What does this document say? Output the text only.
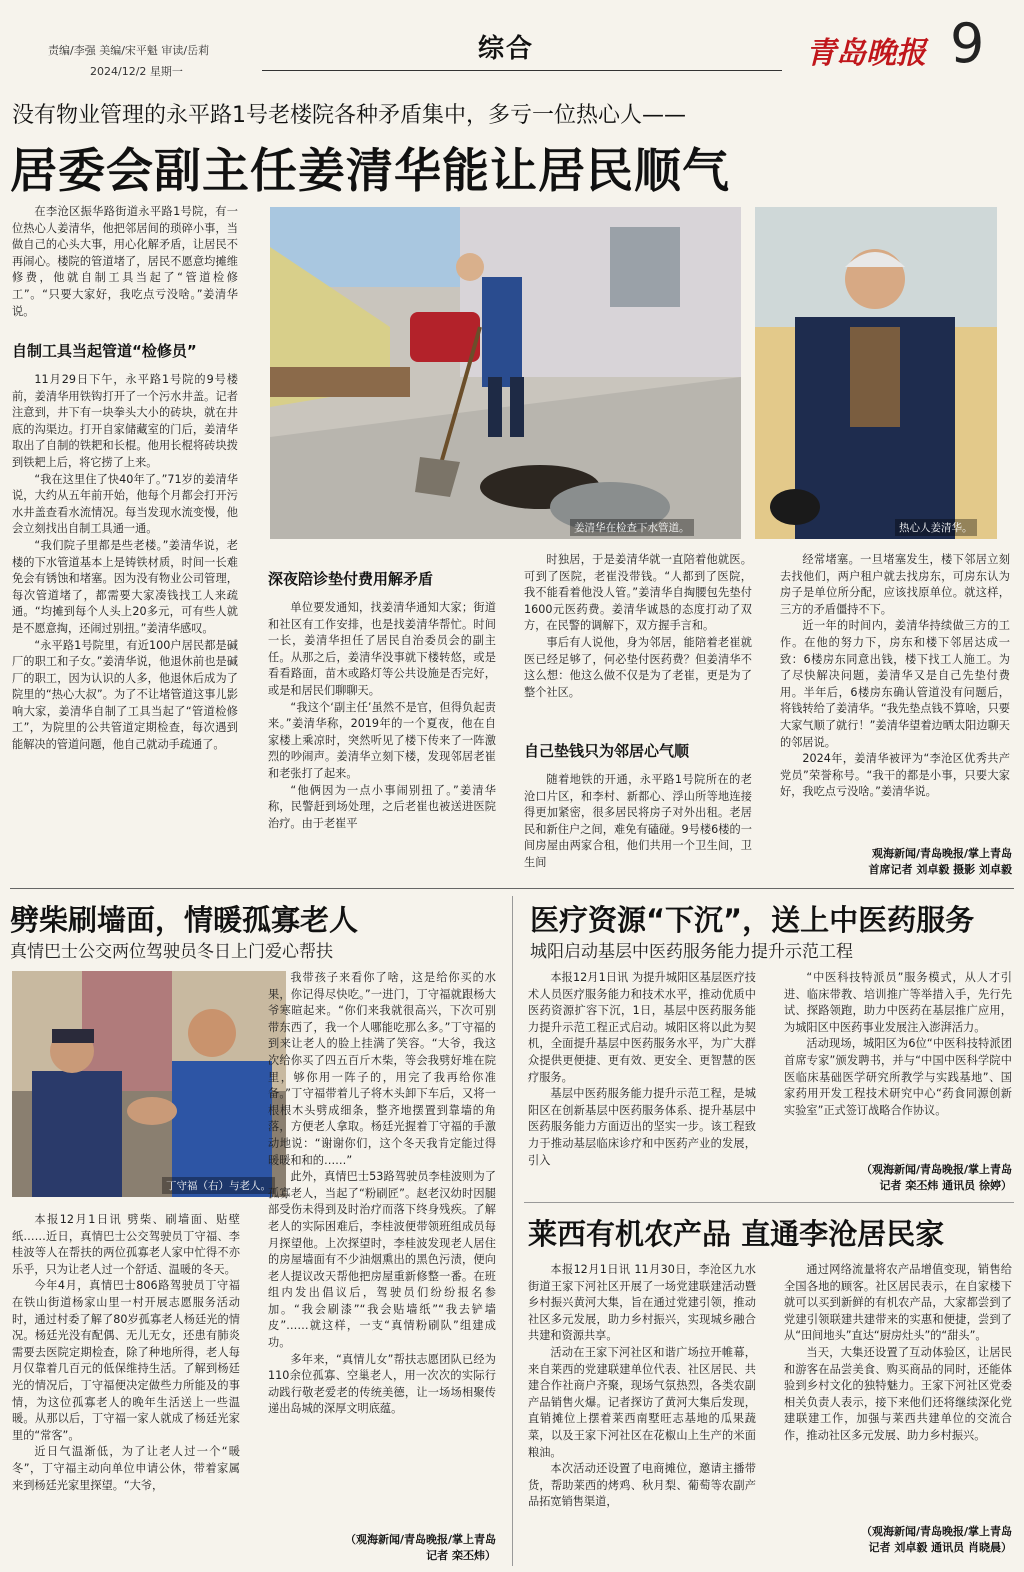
责编/李强 美编/宋平魁 审读/岳莉
2024/12/2 星期一
综合	青岛晚报 9
没有物业管理的永平路1号老楼院各种矛盾集中，多亏一位热心人——
居委会副主任姜清华能让居民顺气

在李沧区振华路街道永平路1号院，有一位热心人姜清华，他把邻居间的琐碎小事，当做自己的心头大事，用心化解矛盾，让居民不再闹心。楼院的管道堵了，居民不愿意均摊维修费，他就自制工具当起了“管道检修工”。“只要大家好，我吃点亏没啥。”姜清华说。

自制工具当起管道“检修员”

11月29日下午，永平路1号院的9号楼前，姜清华用铁钩打开了一个污水井盖。记者注意到，井下有一块拳头大小的砖块，就在井底的沟渠边。打开自家储藏室的门后，姜清华取出了自制的铁耙和长棍。他用长棍将砖块拨到铁耙上后，将它捞了上来。

“我在这里住了快40年了。”71岁的姜清华说，大约从五年前开始，他每个月都会打开污水井盖查看水流情况。每当发现水流变慢，他会立刻找出自制工具通一通。

“我们院子里都是些老楼。”姜清华说，老楼的下水管道基本上是铸铁材质，时间一长难免会有锈蚀和堵塞。因为没有物业公司管理，每次管道堵了，都需要大家凑钱找工人来疏通。“均摊到每个人头上20多元，可有些人就是不愿意掏，还闹过别扭。”姜清华感叹。

“永平路1号院里，有近100户居民都是碱厂的职工和子女。”姜清华说，他退休前也是碱厂的职工，因为认识的人多，他退休后成为了院里的“热心大叔”。为了不让堵管道这事儿影响大家，姜清华自制了工具当起了“管道检修工”，为院里的公共管道定期检查，每次遇到能解决的管道问题，他自己就动手疏通了。

姜清华在检查下水管道。	热心人姜清华。
深夜陪诊垫付费用解矛盾

单位要发通知，找姜清华通知大家；街道和社区有工作安排，也是找姜清华帮忙。时间一长，姜清华担任了居民自治委员会的副主任。从那之后，姜清华没事就下楼转悠，或是看看路面，苗木或路灯等公共设施是否完好，或是和居民们聊聊天。

“我这个‘副主任’虽然不是官，但得负起责来。”姜清华称，2019年的一个夏夜，他在自家楼上乘凉时，突然听见了楼下传来了一阵激烈的吵闹声。姜清华立刻下楼，发现邻居老崔和老张打了起来。

“他俩因为一点小事闹别扭了。”姜清华称，民警赶到场处理，之后老崔也被送进医院治疗。由于老崔平

时独居，于是姜清华就一直陪着他就医。可到了医院，老崔没带钱。“人都到了医院，我不能看着他没人管。”姜清华自掏腰包先垫付1600元医药费。姜清华诚恳的态度打动了双方，在民警的调解下，双方握手言和。

事后有人说他，身为邻居，能陪着老崔就医已经足够了，何必垫付医药费？但姜清华不这么想：他这么做不仅是为了老崔，更是为了整个社区。

自己垫钱只为邻居心气顺

随着地铁的开通，永平路1号院所在的老沧口片区，和李村、新都心、浮山所等地连接得更加紧密，很多居民将房子对外出租。老居民和新住户之间，难免有磕碰。9号楼6楼的一间房屋由两家合租，他们共用一个卫生间，卫生间

经常堵塞。一旦堵塞发生，楼下邻居立刻去找他们，两户租户就去找房东，可房东认为房子是单位所分配，应该找原单位。就这样，三方的矛盾僵持不下。

近一年的时间内，姜清华持续做三方的工作。在他的努力下，房东和楼下邻居达成一致：6楼房东同意出钱，楼下找工人施工。为了尽快解决问题，姜清华又是自己先垫付费用。半年后，6楼房东确认管道没有问题后，将钱转给了姜清华。“我先垫点钱不算啥，只要大家气顺了就行！”姜清华望着边晒太阳边聊天的邻居说。

2024年，姜清华被评为“李沧区优秀共产党员”荣誉称号。“我干的都是小事，只要大家好，我吃点亏没啥。”姜清华说。

观海新闻/青岛晚报/掌上青岛
首席记者 刘卓毅 摄影 刘卓毅
劈柴刷墙面，情暖孤寡老人
真情巴士公交两位驾驶员冬日上门爱心帮扶
丁守福（右）与老人。

本报12月1日讯 劈柴、刷墙面、贴壁纸……近日，真情巴士公交驾驶员丁守福、李桂波等人在帮扶的两位孤寡老人家中忙得不亦乐乎，只为让老人过一个舒适、温暖的冬天。

今年4月，真情巴士806路驾驶员丁守福在铁山街道杨家山里一村开展志愿服务活动时，通过村委了解了80岁孤寡老人杨廷光的情况。杨廷光没有配偶、无儿无女，还患有肺炎需要去医院定期检查，除了种地所得，老人每月仅靠着几百元的低保维持生活。了解到杨廷光的情况后，丁守福便决定做些力所能及的事情，为这位孤寡老人的晚年生活送上一些温暖。从那以后，丁守福一家人就成了杨廷光家里的“常客”。

近日气温渐低，为了让老人过一个“暖冬”，丁守福主动向单位申请公休，带着家属来到杨廷光家里探望。“大爷，

我带孩子来看你了啥，这是给你买的水果，你记得尽快吃。”一进门，丁守福就跟杨大爷寒暄起来。“你们来我就很高兴，下次可别带东西了，我一个人哪能吃那么多。”丁守福的到来让老人的脸上挂满了笑容。“大爷，我这次给你买了四五百斤木柴，等会我劈好堆在院里，够你用一阵子的，用完了我再给你准备。”丁守福带着儿子将木头卸下车后，又将一根根木头劈成细条，整齐地摆置到靠墙的角落，方便老人拿取。杨廷光握着丁守福的手激动地说：“谢谢你们，这个冬天我肯定能过得暖暖和和的……”

此外，真情巴士53路驾驶员李桂波则为了孤寡老人，当起了“粉刷匠”。赵老汉幼时因腿部受伤未得到及时治疗而落下终身残疾。了解老人的实际困难后，李桂波便带领班组成员每月探望他。上次探望时，李桂波发现老人居住的房屋墙面有不少油烟熏出的黑色污渍，便向老人提议改天帮他把房屋重新修整一番。在班组内发出倡议后，驾驶员们纷纷报名参加。“我会刷漆”“我会贴墙纸”“我去铲墙皮”……就这样，一支“真情粉刷队”组建成功。

多年来，“真情儿女”帮扶志愿团队已经为110余位孤寡、空巢老人，用一次次的实际行动践行敬老爱老的传统美德，让一场场相聚传递出岛城的深厚文明底蕴。

（观海新闻/青岛晚报/掌上青岛
记者 栾丕炜）
医疗资源“下沉”，送上中医药服务
城阳启动基层中医药服务能力提升示范工程

本报12月1日讯 为提升城阳区基层医疗技术人员医疗服务能力和技术水平，推动优质中医药资源扩容下沉，1日，基层中医药服务能力提升示范工程正式启动。城阳区将以此为契机，全面提升基层中医药服务水平，为广大群众提供更便捷、更有效、更安全、更智慧的医疗服务。

基层中医药服务能力提升示范工程，是城阳区在创新基层中医药服务体系、提升基层中医药服务能力方面迈出的坚实一步。该工程致力于推动基层临床诊疗和中医药产业的发展，引入

“中医科技特派员”服务模式，从人才引进、临床带教、培训推广等举措入手，先行先试、探路领跑，助力中医药在基层推广应用，为城阳区中医药事业发展注入澎湃活力。

活动现场，城阳区为6位“中医科技特派团首席专家”颁发聘书，并与“中国中医科学院中医临床基础医学研究所教学与实践基地”、国家药用开发工程技术研究中心“药食同源创新实验室”正式签订战略合作协议。

（观海新闻/青岛晚报/掌上青岛
记者 栾丕炜 通讯员 徐婷）
莱西有机农产品 直通李沧居民家

本报12月1日讯 11月30日，李沧区九水街道王家下河社区开展了一场党建联建活动暨乡村振兴黄河大集，旨在通过党建引领，推动社区多元发展，助力乡村振兴，实现城乡融合共建和资源共享。

活动在王家下河社区和谐广场拉开帷幕，来自莱西的党建联建单位代表、社区居民、共建合作社商户齐聚，现场气氛热烈，各类农副产品销售火爆。记者探访了黄河大集后发现，直销摊位上摆着莱西南墅旺志基地的瓜果蔬菜，以及王家下河社区在花椒山上生产的米面粮油。

本次活动还设置了电商摊位，邀请主播带货，帮助莱西的烤鸡、秋月梨、葡萄等农副产品拓宽销售渠道，

通过网络流量将农产品增值变现，销售给全国各地的顾客。社区居民表示，在自家楼下就可以买到新鲜的有机农产品，大家都尝到了党建引领联建共建带来的实惠和便捷，尝到了从“田间地头”直达“厨房灶头”的“甜头”。

当天，大集还设置了互动体验区，让居民和游客在品尝美食、购买商品的同时，还能体验到乡村文化的独特魅力。王家下河社区党委相关负责人表示，接下来他们还将继续深化党建联建工作，加强与莱西共建单位的交流合作，推动社区多元发展、助力乡村振兴。

（观海新闻/青岛晚报/掌上青岛
记者 刘卓毅 通讯员 肖晓晨）
